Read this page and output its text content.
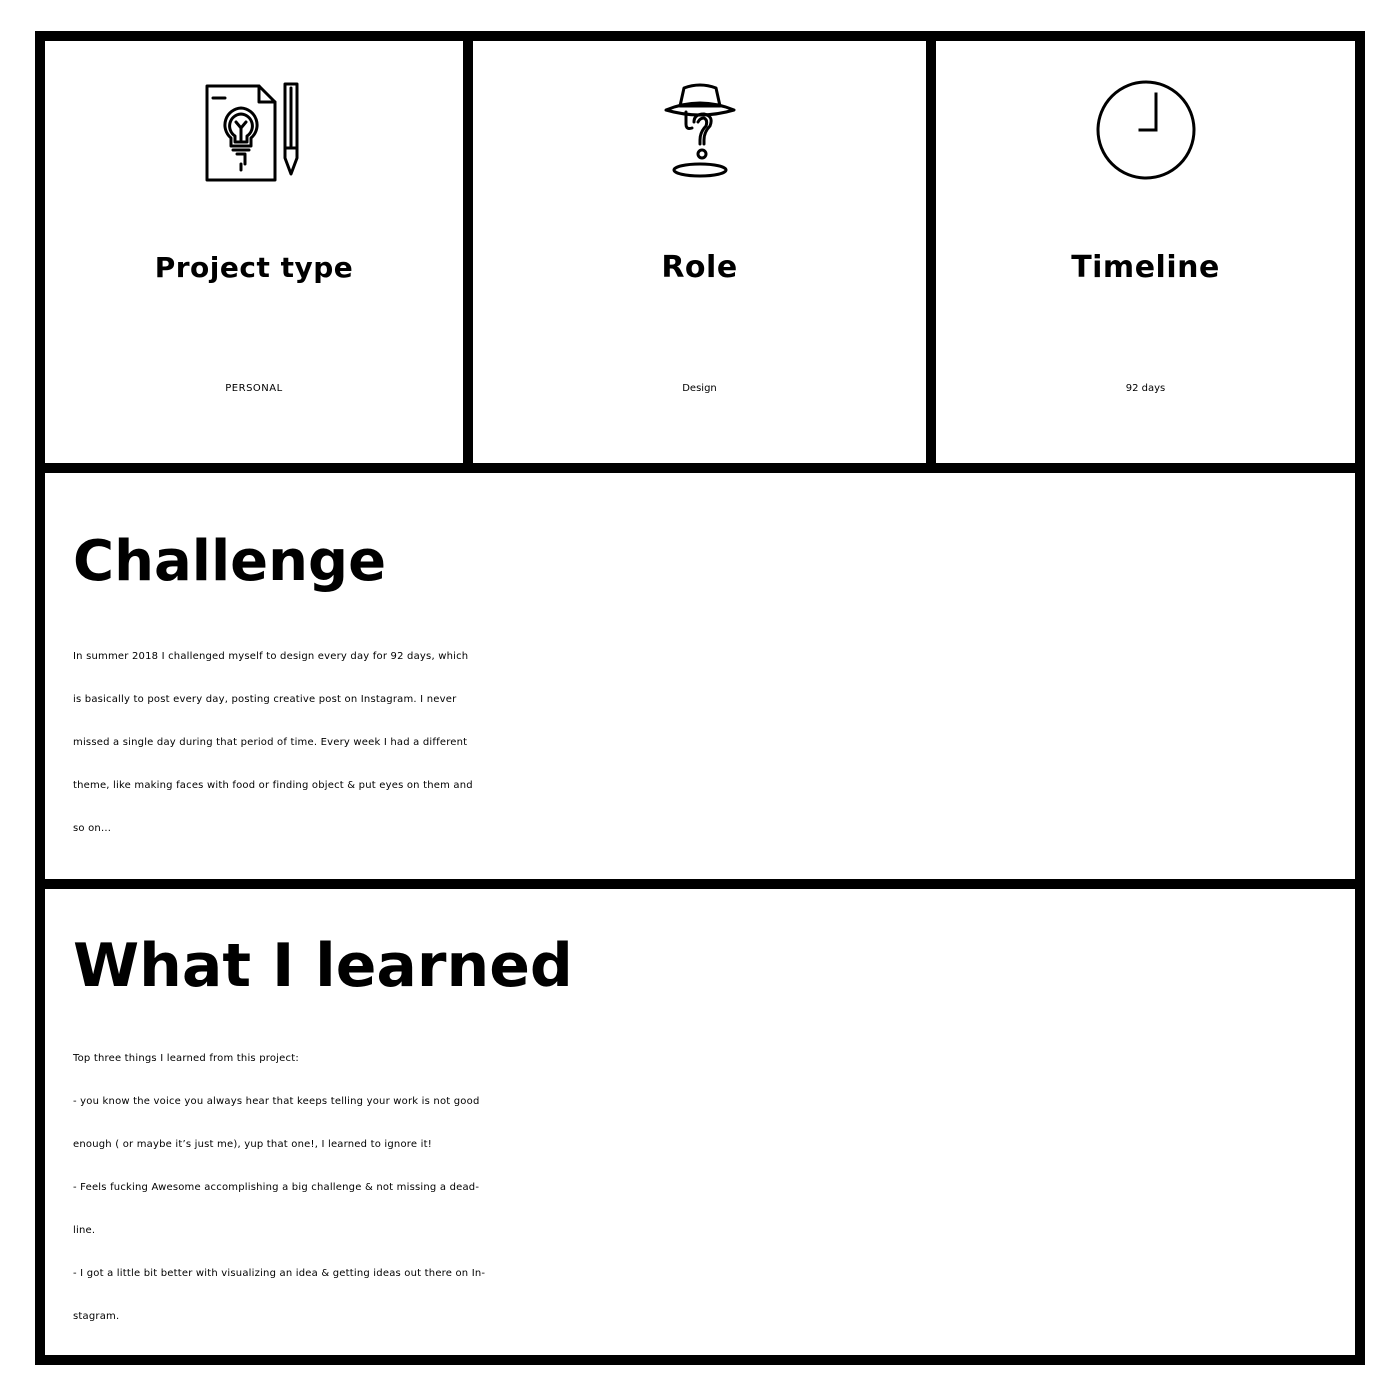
Project type
PERSONAL
Role
Design
Timeline
92 days
Challenge
In summer 2018 I challenged myself to design every day for 92 days, which
is basically to post every day, posting creative post on Instagram. I never
missed a single day during that period of time. Every week I had a different
theme, like making faces with food or finding object & put eyes on them and
so on...
What I learned
Top three things I learned from this project:
- you know the voice you always hear that keeps telling your work is not good
enough ( or maybe it’s just me), yup that one!, I learned to ignore it!
- Feels fucking Awesome accomplishing a big challenge & not missing a dead-
line.
- I got a little bit better with visualizing an idea & getting ideas out there on In-
stagram.
